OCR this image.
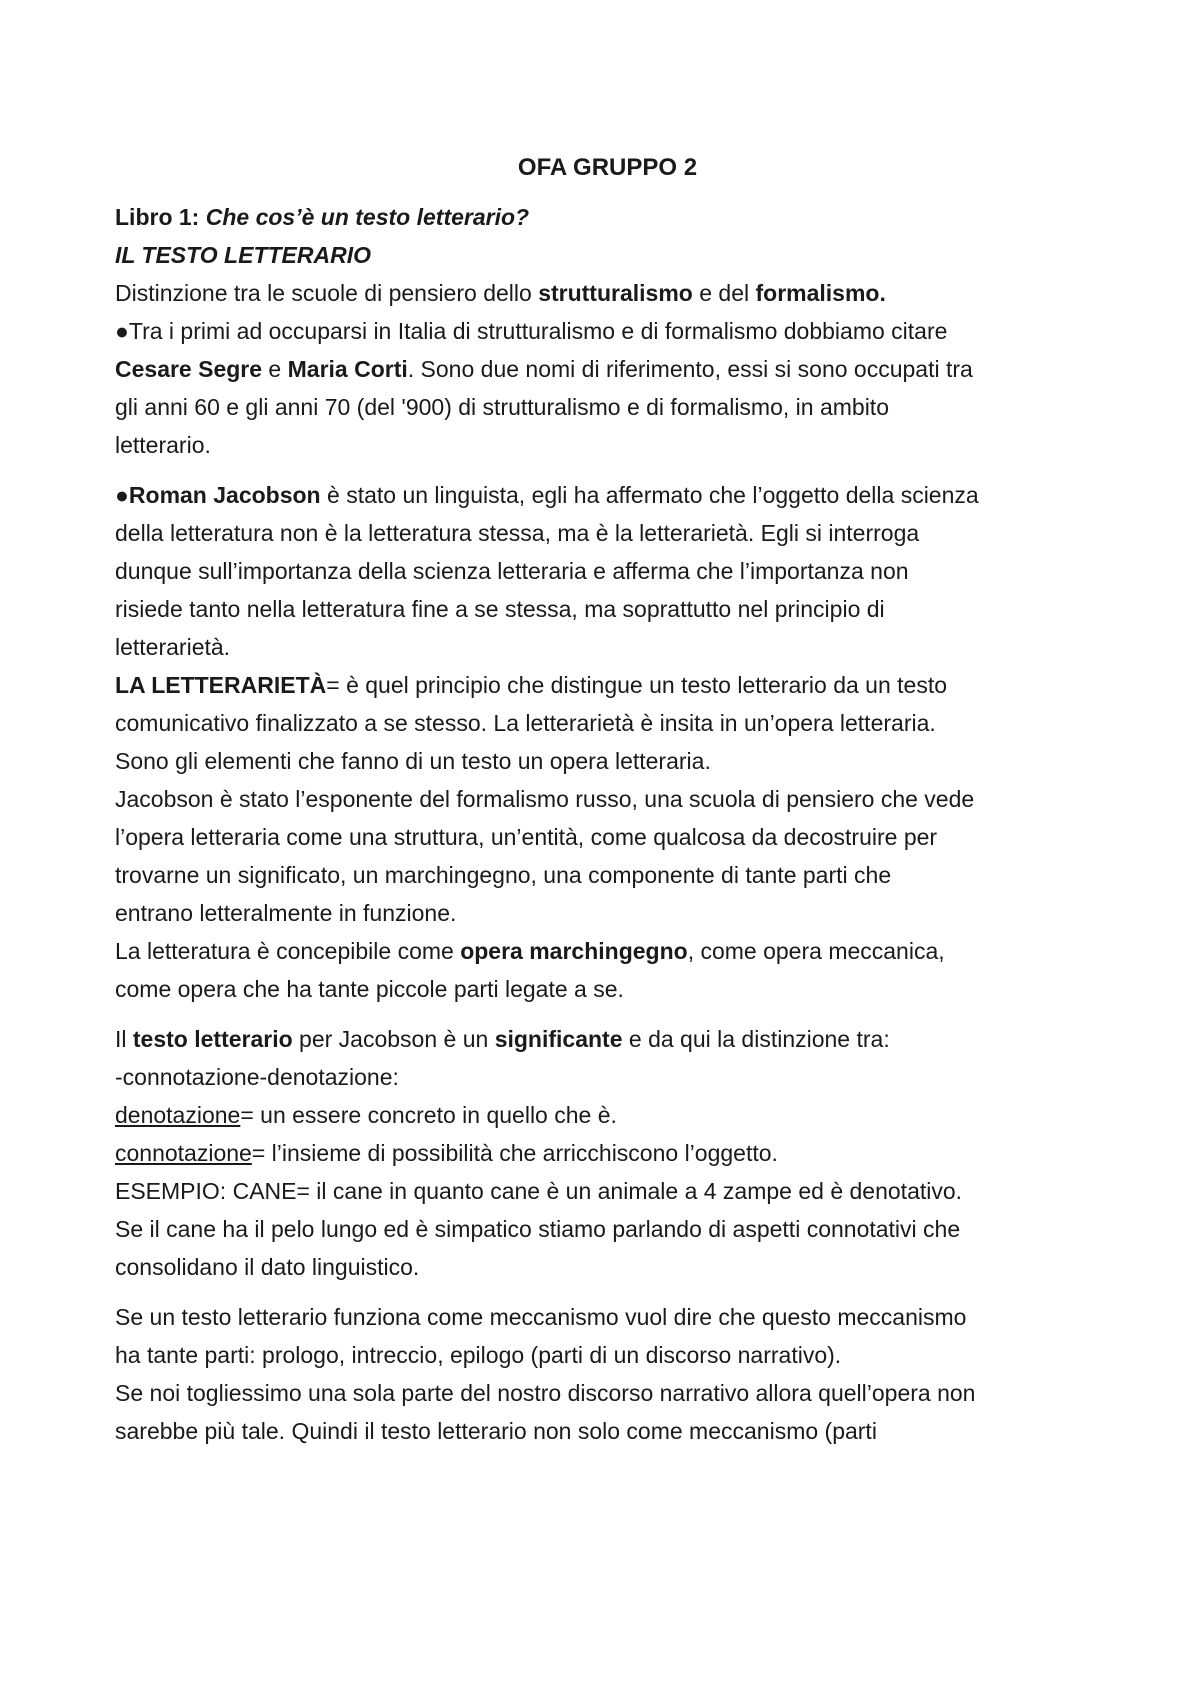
OFA GRUPPO 2
Libro 1: Che cos’è un testo letterario?
IL TESTO LETTERARIO
Distinzione tra le scuole di pensiero dello strutturalismo e del formalismo.
●Tra i primi ad occuparsi in Italia di strutturalismo e di formalismo dobbiamo citare
Cesare Segre e Maria Corti. Sono due nomi di riferimento, essi si sono occupati tra
gli anni 60 e gli anni 70 (del '900) di strutturalismo e di formalismo, in ambito
letterario.
●Roman Jacobson è stato un linguista, egli ha affermato che l’oggetto della scienza
della letteratura non è la letteratura stessa, ma è la letterarietà. Egli si interroga
dunque sull’importanza della scienza letteraria e afferma che l’importanza non
risiede tanto nella letteratura fine a se stessa, ma soprattutto nel principio di
letterarietà.
LA LETTERARIETÀ= è quel principio che distingue un testo letterario da un testo
comunicativo finalizzato a se stesso. La letterarietà è insita in un’opera letteraria.
Sono gli elementi che fanno di un testo un opera letteraria.
Jacobson è stato l’esponente del formalismo russo, una scuola di pensiero che vede
l’opera letteraria come una struttura, un’entità, come qualcosa da decostruire per
trovarne un significato, un marchingegno, una componente di tante parti che
entrano letteralmente in funzione.
La letteratura è concepibile come opera marchingegno, come opera meccanica,
come opera che ha tante piccole parti legate a se.
Il testo letterario per Jacobson è un significante e da qui la distinzione tra:
-connotazione-denotazione:
denotazione= un essere concreto in quello che è.
connotazione= l’insieme di possibilità che arricchiscono l’oggetto.
ESEMPIO: CANE= il cane in quanto cane è un animale a 4 zampe ed è denotativo.
Se il cane ha il pelo lungo ed è simpatico stiamo parlando di aspetti connotativi che
consolidano il dato linguistico.
Se un testo letterario funziona come meccanismo vuol dire che questo meccanismo
ha tante parti: prologo, intreccio, epilogo (parti di un discorso narrativo).
Se noi togliessimo una sola parte del nostro discorso narrativo allora quell’opera non
sarebbe più tale. Quindi il testo letterario non solo come meccanismo (parti
